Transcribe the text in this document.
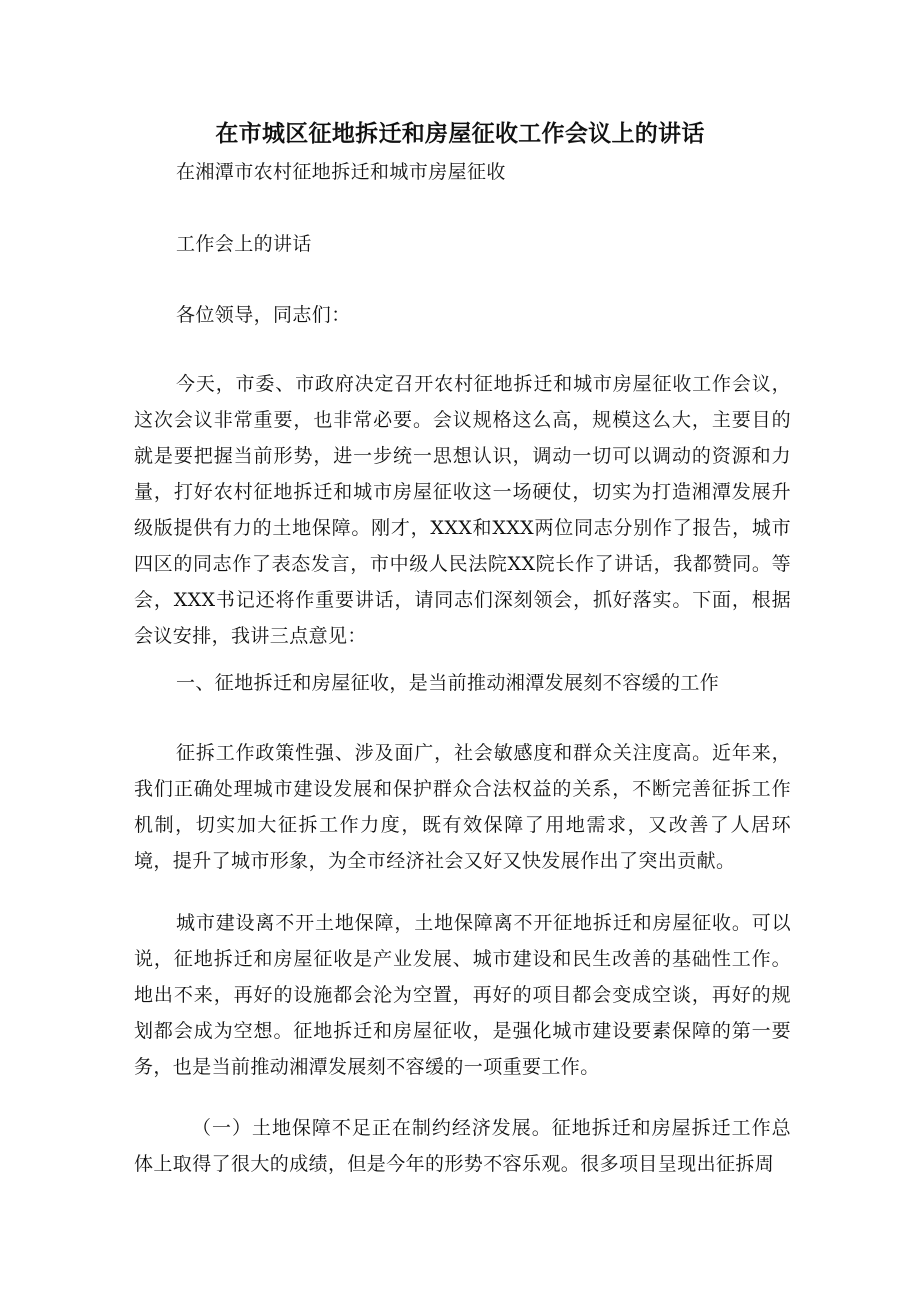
在市城区征地拆迁和房屋征收工作会议上的讲话

在湘潭市农村征地拆迁和城市房屋征收

工作会上的讲话

各位领导，同志们：

今天，市委、市政府决定召开农村征地拆迁和城市房屋征收工作会议，这次会议非常重要，也非常必要。会议规格这么高，规模这么大，主要目的就是要把握当前形势，进一步统一思想认识，调动一切可以调动的资源和力量，打好农村征地拆迁和城市房屋征收这一场硬仗，切实为打造湘潭发展升级版提供有力的土地保障。刚才，XXX和XXX两位同志分别作了报告，城市四区的同志作了表态发言，市中级人民法院XX院长作了讲话，我都赞同。等会，XXX书记还将作重要讲话，请同志们深刻领会，抓好落实。下面，根据会议安排，我讲三点意见：

一、征地拆迁和房屋征收，是当前推动湘潭发展刻不容缓的工作

征拆工作政策性强、涉及面广，社会敏感度和群众关注度高。近年来，我们正确处理城市建设发展和保护群众合法权益的关系，不断完善征拆工作机制，切实加大征拆工作力度，既有效保障了用地需求，又改善了人居环境，提升了城市形象，为全市经济社会又好又快发展作出了突出贡献。

城市建设离不开土地保障，土地保障离不开征地拆迁和房屋征收。可以说，征地拆迁和房屋征收是产业发展、城市建设和民生改善的基础性工作。地出不来，再好的设施都会沦为空置，再好的项目都会变成空谈，再好的规划都会成为空想。征地拆迁和房屋征收，是强化城市建设要素保障的第一要务，也是当前推动湘潭发展刻不容缓的一项重要工作。

（一）土地保障不足正在制约经济发展。征地拆迁和房屋拆迁工作总体上取得了很大的成绩，但是今年的形势不容乐观。很多项目呈现出征拆周
